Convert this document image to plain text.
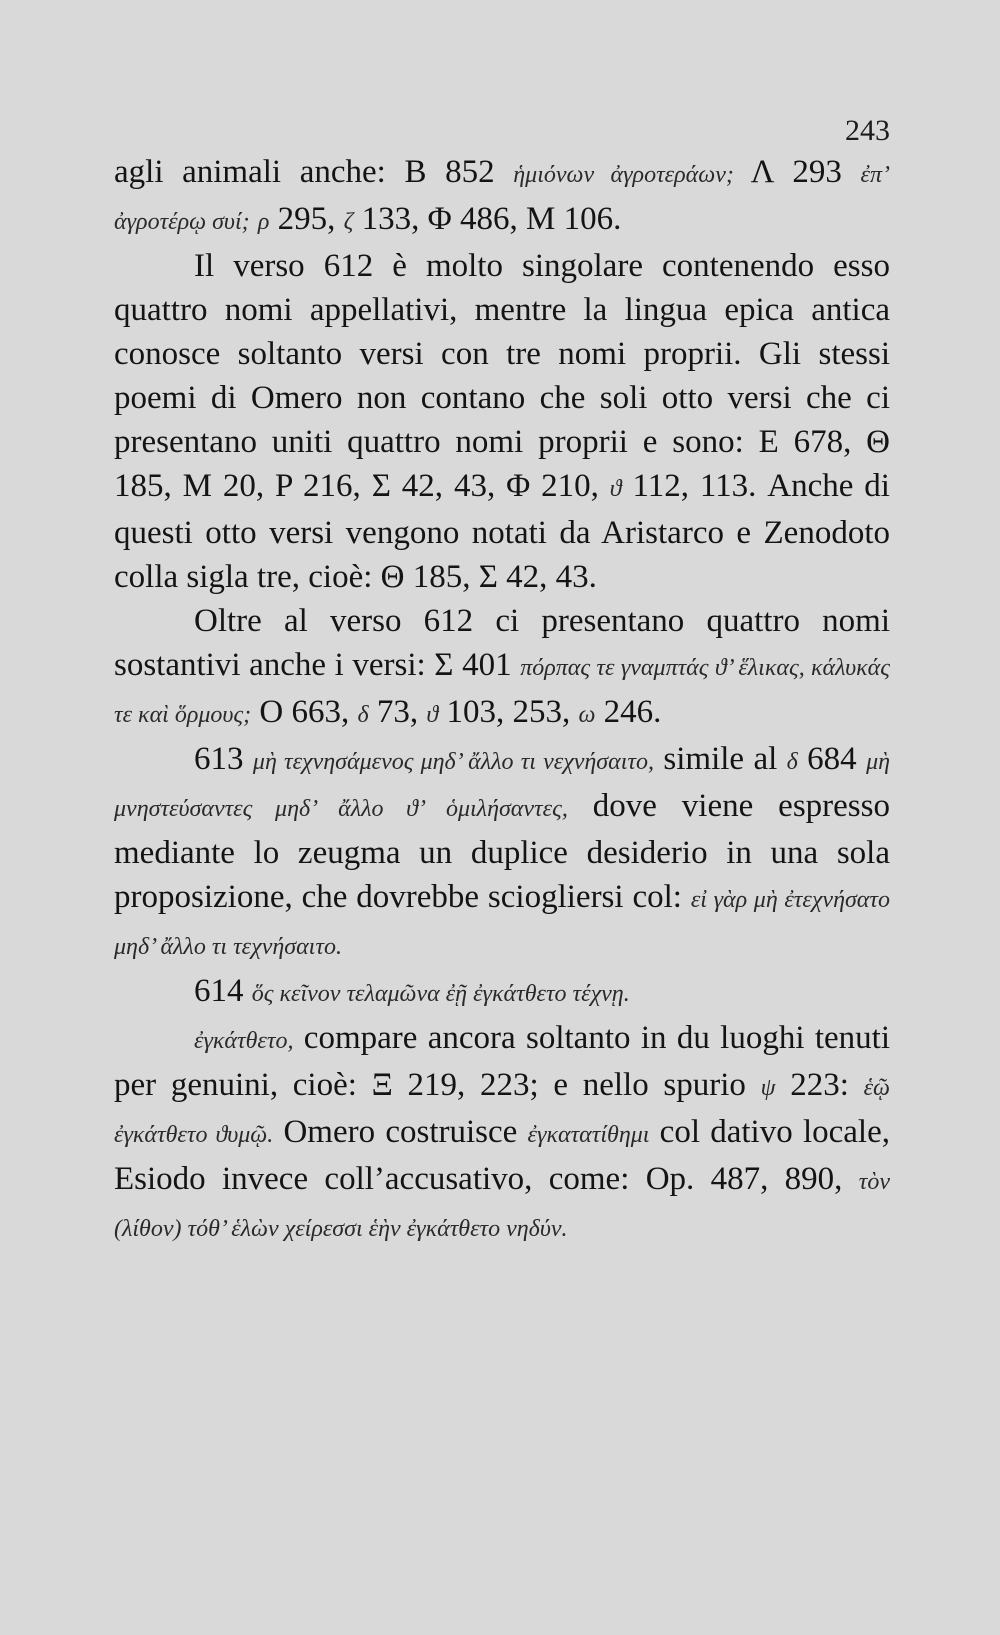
243

agli animali anche: B 852 ἡμιόνων ἀγροτεράων; Λ 293 ἐπ’ ἀγροτέρῳ συί; ρ 295, ζ 133, Φ 486, M 106.

Il verso 612 è molto singolare contenendo esso quattro nomi appellativi, mentre la lingua epica antica conosce soltanto versi con tre nomi proprii. Gli stessi poemi di Omero non contano che soli otto versi che ci presentano uniti quattro nomi proprii e sono: E 678, Θ 185, M 20, P 216, Σ 42, 43, Φ 210, ϑ 112, 113. Anche di questi otto versi vengono notati da Aristarco e Zenodoto colla sigla tre, cioè: Θ 185, Σ 42, 43.

Oltre al verso 612 ci presentano quattro nomi sostantivi anche i versi: Σ 401 πόρπας τε γναμπτάς ϑ’ ἕλικας, κάλυκάς τε καὶ ὅρμους; O 663, δ 73, ϑ 103, 253, ω 246.

613 μὴ τεχνησάμενος μηδ’ ἄλλο τι νεχνήσαιτο, simile al δ 684 μὴ μνηστεύσαντες μηδ’ ἄλλο ϑ’ ὁμιλήσαντες, dove viene espresso mediante lo zeugma un duplice desiderio in una sola proposizione, che dovrebbe sciogliersi col: εἰ γὰρ μὴ ἐτεχνήσατο μηδ’ ἄλλο τι τεχνήσαιτο.

614 ὅς κεῖνον τελαμῶνα ἐῇ ἐγκάτθετο τέχνῃ.

ἐγκάτθετο, compare ancora soltanto in du luoghi tenuti per genuini, cioè: Ξ 219, 223; e nello spurio ψ 223: ἑῷ ἐγκάτθετο ϑυμῷ. Omero costruisce ἐγκατατίθημι col dativo locale, Esiodo invece coll’accusativo, come: Op. 487, 890, τὸν (λίθον) τόθ’ ἑλὼν χείρεσσι ἑὴν ἐγκάτθετο νηδύν.
